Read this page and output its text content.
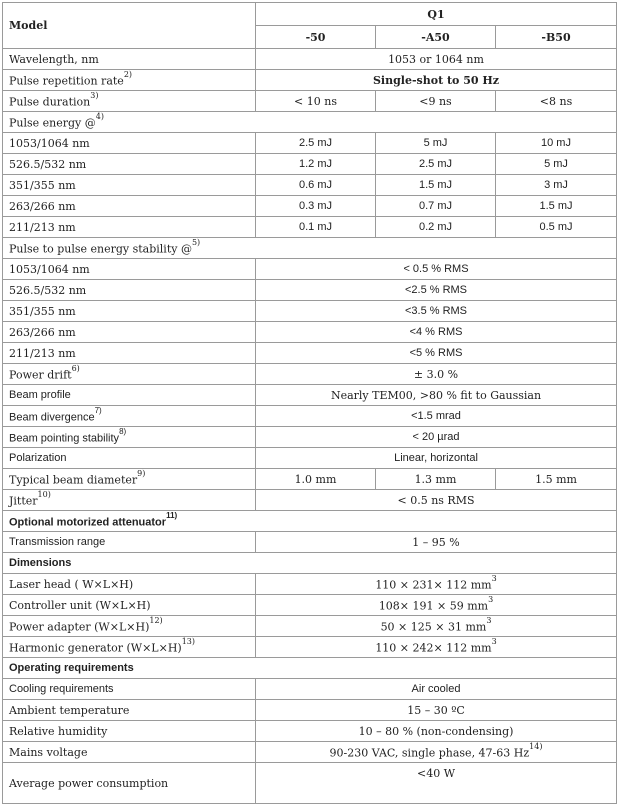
Model	Q1		
	-50	-A50	-B50
Wavelength, nm	1053 or 1064 nm		
Pulse repetition rate$^{2)}$	Single-shot to 50 Hz		
Pulse duration$^{3)}$	< 10 ns	<9 ns	<8 ns
Pulse energy @$^{4)}$
1053/1064 nm	2.5 mJ	5 mJ	10 mJ
526.5/532 nm	1.2 mJ	2.5 mJ	5 mJ
351/355 nm	0.6 mJ	1.5 mJ	3 mJ
263/266 nm	0.3 mJ	0.7 mJ	1.5 mJ
211/213 nm	0.1 mJ	0.2 mJ	0.5 mJ
Pulse to pulse energy stability @$^{5)}$
1053/1064 nm	< 0.5 % RMS		
526.5/532 nm	<2.5 % RMS		
351/355 nm	<3.5 % RMS		
263/266 nm	<4 % RMS		
211/213 nm	<5 % RMS		
Power drift$^{6)}$	± 3.0 %		
Beam profile	Nearly TEM00, >80 % fit to Gaussian		
Beam divergence$^{7)}$	<1.5 mrad		
Beam pointing stability$^{8)}$	< 20 µrad		
Polarization	Linear, horizontal		
Typical beam diameter$^{9)}$	1.0 mm	1.3 mm	1.5 mm
Jitter$^{10)}$	< 0.5 ns RMS		
Optional motorized attenuator$^{11)}$
Transmission range	1 – 95 %		
Dimensions			
Laser head ( W×L×H)	110 × 231× 112 mm$^3$
Controller unit (W×L×H)	108× 191 × 59 mm$^3$
Power adapter (W×L×H)$^{12)}$	50 × 125 × 31 mm$^3$
Harmonic generator (W×L×H)$^{13)}$	110 × 242× 112 mm$^3$
Operating requirements			
Cooling requirements	Air cooled		
Ambient temperature	15 – 30 ºC		
Relative humidity	10 – 80 % (non-condensing)		
Mains voltage	90-230 VAC, single phase, 47-63 Hz$^{14)}$
Average power consumption	<40 W		
